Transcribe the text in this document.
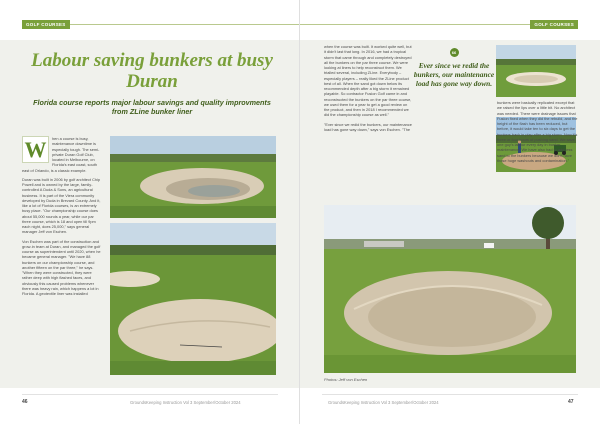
GOLF COURSES
Labour saving bunkers at busy Duran

Florida course reports major labour savings and quality improvments from ZLine bunker liner

W	hen a course is busy, maintenance downtime is especially tough. The semi-private Duran Golf Club, located in Melbourne, on Florida's east coast, south east of Orlando, is a classic example.

Duran was built in 2006 by golf architect Chip Powell and is owned by the large, family-controlled A Duda & Sons, an agricultural business. It is part of the Viera community developed by Duda in Brevard County. And it, like a lot of Florida courses, is an extremely busy place. "Our championship course does about 55,000 rounds a year, while our par three course, which is 18 and open till 9pm each night, does 25,000," says general manager Jeff von Eschen.

Von Eschen was part of the construction and grow-in team at Duran, and managed the golf course as superintendent until 2020, when he became general manager. "We have 88 bunkers on our championship course, and another fifteen on the par three," he says. "When they were constructed, they were rather deep with high flashed faces, and obviously this caused problems whenever there was heavy rain, which happens a lot in Florida. A geotextile liner was installed

46	GroundsKeeping Instruction Vol 3 September/October 2024
GOLF COURSES

when the course was built. It worked quite well, but it didn't last that long. In 2016, we had a tropical storm that came through and completely destroyed all the bunkers on the par three course. We were looking at liners to help reconstruct them. We trialled several, including ZLine. Everybody – especially players – really liked the ZLine product best of all. When the sand got down below its recommended depth after a big storm it remained playable. So contractor Fusion Golf came in and reconstructed the bunkers on the par three course, we used them for a year to get a good review on the product, and then in 2018 I recommended we did the championship course as well."

"Ever since we redid the bunkers, our maintenance load has gone way down," says von Eschen. "The

66

Ever since we redid the bunkers, our maintenance load has gone way down.

bunkers were basically replicated except that we raised the lips over a little bit. No architect was needed. There were drainage issues that Fusion fixed when they did the rebuild, and the height of the flash has been reduced, but before, it would take ten to six days to get the bunkers back in play after a big storm. Now it's three or four hours of pushing sand. We save one guy's labour every day in bunker maintenance. We have also had to add less sand to the bunkers because we don't have those huge washouts and contamination."

Photos: Jeff von Eschen
GroundsKeeping Instruction Vol 3 September/October 2024	47
